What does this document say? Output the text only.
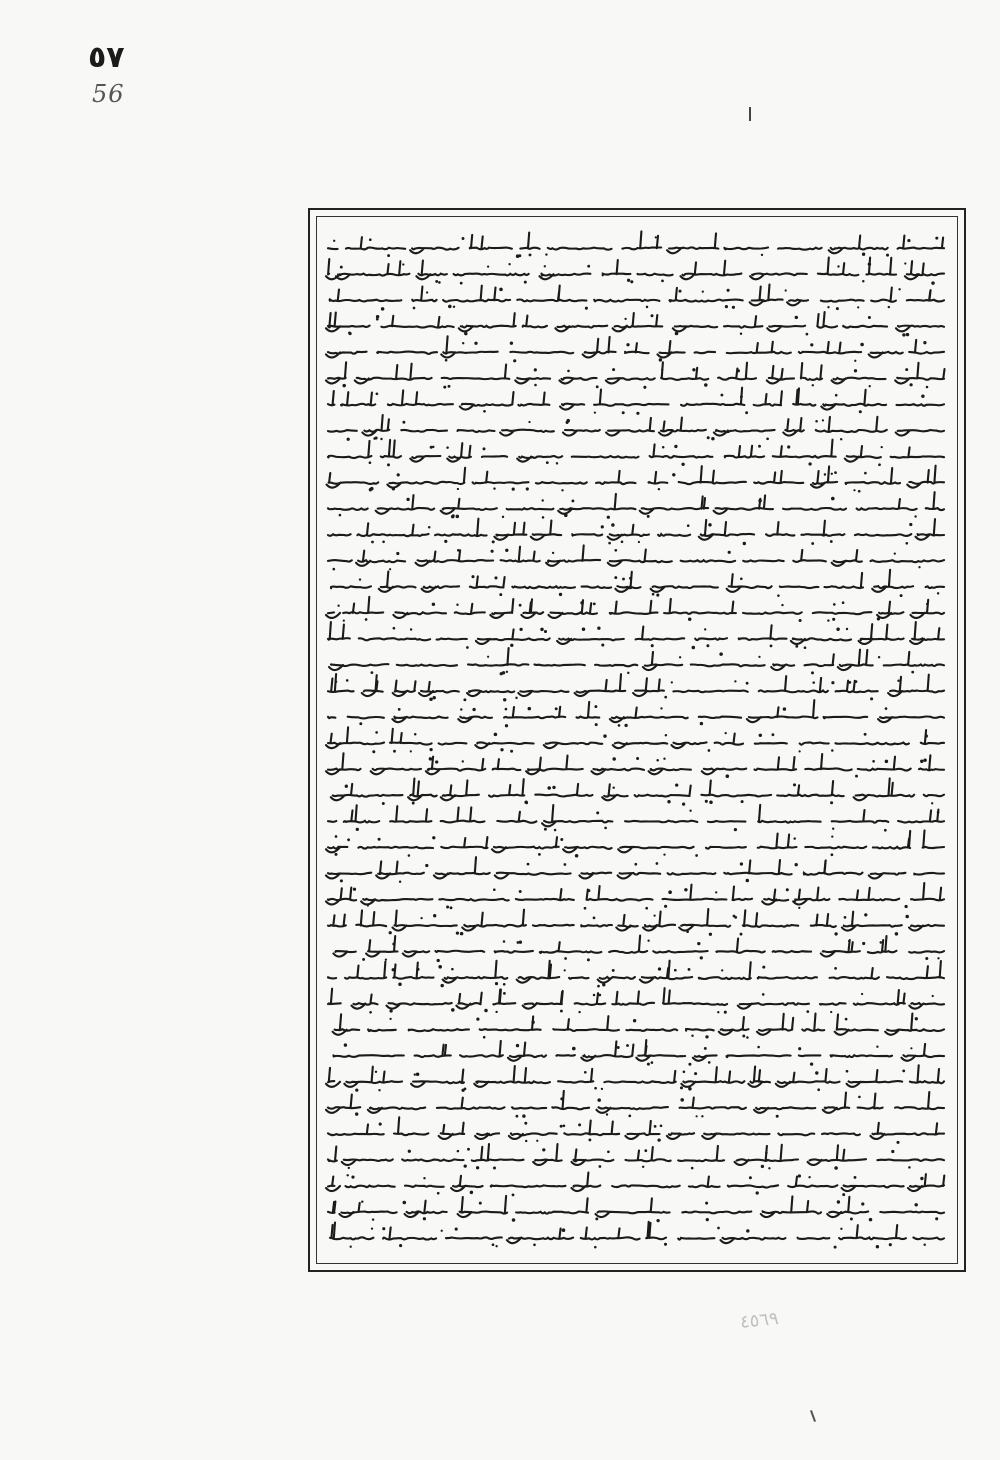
٥٧
56
٤٥٦٩
